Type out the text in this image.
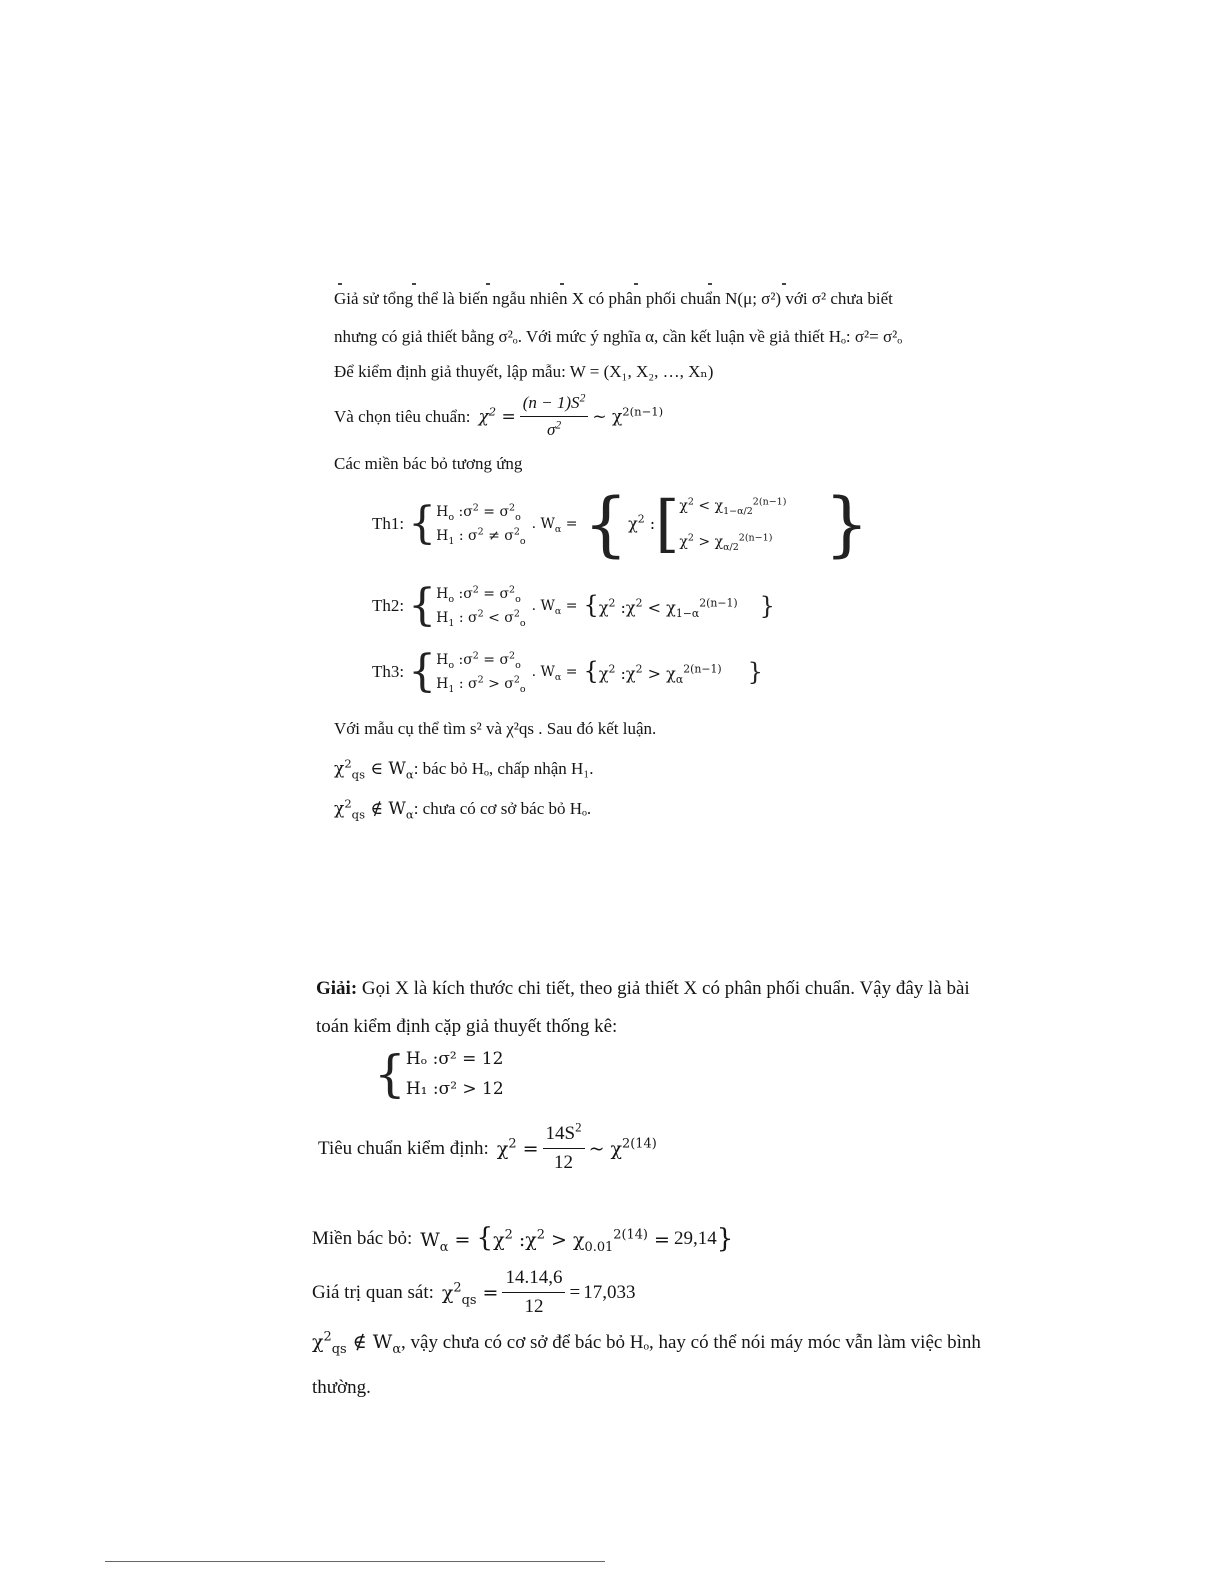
Giả sử tổng thể là biến ngẫu nhiên X có phân phối chuẩn N(μ; σ²) với σ² chưa biết
nhưng có giả thiết bằng σ²ₒ. Với mức ý nghĩa α, cần kết luận về giả thiết Hₒ: σ²= σ²ₒ
Để kiểm định giả thuyết, lập mẫu: W = (X₁, X₂, …, Xₙ)
Và chọn tiêu chuẩn: $\chi^2 = \frac{(n - 1)S^2}{\sigma^2}$ ~ $\chi^{2(n-1)}$
Các miền bác bỏ tương ứng
Th1: { $H_o$ $:\sigma^2 = \sigma^2_o$
$H_1$ : $\sigma^2 \ne \sigma^2_o$
. $W_\alpha$ = { $\chi^2$ : [ $\chi^2 < \chi_{1-\alpha/2}^{2(n-1)}$
$\chi^2 > \chi_{\alpha/2}^{2(n-1)}$ }
Th2: { $H_o$ $:\sigma^2 = \sigma^2_o$
$H_1$ : $\sigma^2 < \sigma^2_o$
. $W_\alpha = \{\chi^2$ $:\chi^2 < \chi_{1-\alpha}^{2(n-1)}$ }
Th3: { $H_o$ $:\sigma^2 = \sigma^2_o$
$H_1$ : $\sigma^2 > \sigma^2_o$
. $W_\alpha = \{\chi^2$ $:\chi^2 > \chi_\alpha^{2(n-1)}$ }
Với mẫu cụ thể tìm s² và χ²qs . Sau đó kết luận.
$\chi^2_{qs}$ ∈ $W_\alpha$: bác bỏ Hₒ, chấp nhận H₁.
$\chi^2_{qs}$ ∉ $W_\alpha$: chưa có cơ sở bác bỏ Hₒ.
Giải: Gọi X là kích thước chi tiết, theo giả thiết X có phân phối chuẩn. Vậy đây là bài
toán kiểm định cặp giả thuyết thống kê:
{ Hₒ :σ² = 12
H₁ :σ² > 12
Tiêu chuẩn kiểm định: $\chi^2 = \frac{14S^2}{12}$ ~ $\chi^{2(14)}$
Miền bác bỏ: $W_\alpha = \{\chi^2$ $:\chi^2 > \chi_{0.01}^{2(14)} = 29,14$ }
Giá trị quan sát: $\chi^2_{qs} = \frac{14.14,6}{12} = 17,033$
$\chi^2_{qs}$ ∉ $W_\alpha$, vậy chưa có cơ sở để bác bỏ Hₒ, hay có thể nói máy móc vẫn làm việc bình
thường.
